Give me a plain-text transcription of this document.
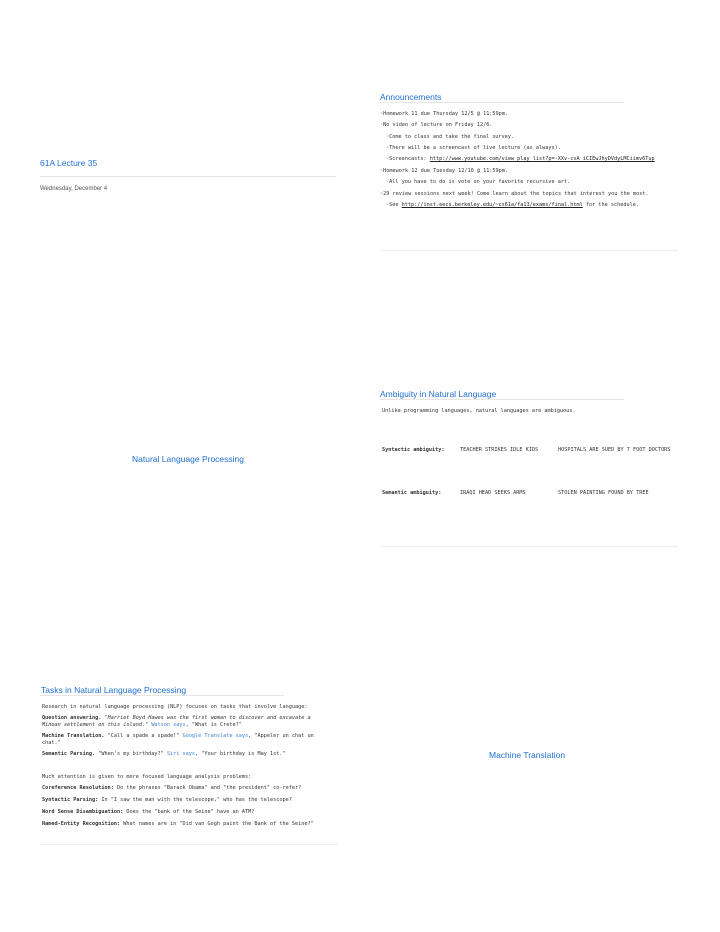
61A Lecture 35
Wednesday, December 4
Announcements
◦Homework 11 due Thursday 12/5 @ 11:59pm.
◦No video of lecture on Friday 12/6.
◦Come to class and take the final survey.
◦There will be a screencast of live lecture (as always).
◦Screencasts: http://www.youtube.com/view_play_list?p=-XXv-cvA_iCIEwJhyDVdyLMCiimv6Tup
◦Homework 12 due Tuesday 12/10 @ 11:59pm.
◦All you have to do is vote on your favorite recursive art.
◦29 review sessions next week! Come learn about the topics that interest you the most.
◦See http://inst.eecs.berkeley.edu/~cs61a/fa13/exams/final.html for the schedule.
Natural Language Processing
Ambiguity in Natural Language
Unlike programming languages, natural languages are ambiguous.
Syntactic ambiguity:	TEACHER STRIKES IDLE KIDS	HOSPITALS ARE SUED BY 7 FOOT DOCTORS
Semantic ambiguity:	IRAQI HEAD SEEKS ARMS	STOLEN PAINTING FOUND BY TREE
Tasks in Natural Language Processing
Research in natural language processing (NLP) focuses on tasks that involve language:
Question answering. "Harriet Boyd Hawes was the first woman to discover and excavate a Minoan settlement on this island." Watson says, "What is Crete?"
Machine Translation. "Call a spade a spade!" Google Translate says, "Appeler un chat un chat."
Semantic Parsing. "When's my birthday?" Siri says, "Your birthday is May 1st."
Much attention is given to more focused language analysis problems:
Coreference Resolution: Do the phrases "Barack Obama" and "the president" co-refer?
Syntactic Parsing: In "I saw the man with the telescope," who has the telescope?
Word Sense Disambiguation: Does the "bank of the Seine" have an ATM?
Named-Entity Recognition: What names are in "Did van Gogh paint the Bank of the Seine?"
Machine Translation
